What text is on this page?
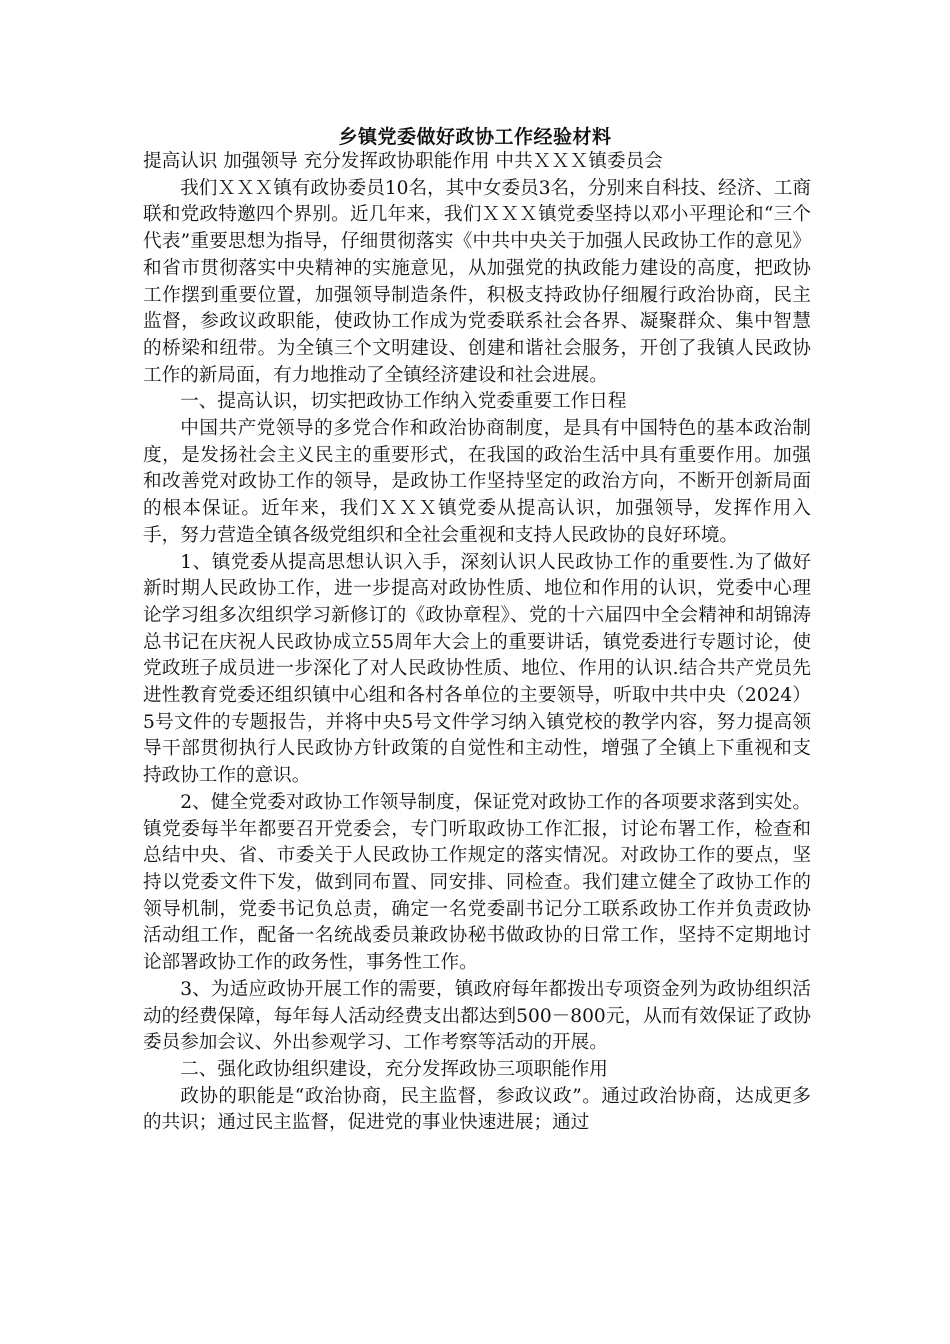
乡镇党委做好政协工作经验材料

提高认识 加强领导 充分发挥政协职能作用 中共ＸＸＸ镇委员会

我们ＸＸＸ镇有政协委员10名，其中女委员3名，分别来自科技、经济、工商联和党政特邀四个界别。近几年来，我们ＸＸＸ镇党委坚持以邓小平理论和“三个代表”重要思想为指导，仔细贯彻落实《中共中央关于加强人民政协工作的意见》和省市贯彻落实中央精神的实施意见，从加强党的执政能力建设的高度，把政协工作摆到重要位置，加强领导制造条件，积极支持政协仔细履行政治协商，民主监督，参政议政职能，使政协工作成为党委联系社会各界、凝聚群众、集中智慧的桥梁和纽带。为全镇三个文明建设、创建和谐社会服务，开创了我镇人民政协工作的新局面，有力地推动了全镇经济建设和社会进展。

一、提高认识，切实把政协工作纳入党委重要工作日程

中国共产党领导的多党合作和政治协商制度，是具有中国特色的基本政治制度，是发扬社会主义民主的重要形式，在我国的政治生活中具有重要作用。加强和改善党对政协工作的领导，是政协工作坚持坚定的政治方向，不断开创新局面的根本保证。近年来，我们ＸＸＸ镇党委从提高认识，加强领导，发挥作用入手，努力营造全镇各级党组织和全社会重视和支持人民政协的良好环境。

1、镇党委从提高思想认识入手，深刻认识人民政协工作的重要性.为了做好新时期人民政协工作，进一步提高对政协性质、地位和作用的认识，党委中心理论学习组多次组织学习新修订的《政协章程》、党的十六届四中全会精神和胡锦涛总书记在庆祝人民政协成立55周年大会上的重要讲话，镇党委进行专题讨论，使党政班子成员进一步深化了对人民政协性质、地位、作用的认识.结合共产党员先进性教育党委还组织镇中心组和各村各单位的主要领导，听取中共中央（2024）5号文件的专题报告，并将中央5号文件学习纳入镇党校的教学内容，努力提高领导干部贯彻执行人民政协方针政策的自觉性和主动性，增强了全镇上下重视和支持政协工作的意识。

2、健全党委对政协工作领导制度，保证党对政协工作的各项要求落到实处。镇党委每半年都要召开党委会，专门听取政协工作汇报，讨论布署工作，检查和总结中央、省、市委关于人民政协工作规定的落实情况。对政协工作的要点，坚持以党委文件下发，做到同布置、同安排、同检查。我们建立健全了政协工作的领导机制，党委书记负总责，确定一名党委副书记分工联系政协工作并负责政协活动组工作，配备一名统战委员兼政协秘书做政协的日常工作，坚持不定期地讨论部署政协工作的政务性，事务性工作。

3、为适应政协开展工作的需要，镇政府每年都拨出专项资金列为政协组织活动的经费保障，每年每人活动经费支出都达到500－800元，从而有效保证了政协委员参加会议、外出参观学习、工作考察等活动的开展。

二、强化政协组织建设，充分发挥政协三项职能作用

政协的职能是“政治协商，民主监督，参政议政”。通过政治协商，达成更多的共识；通过民主监督，促进党的事业快速进展；通过
